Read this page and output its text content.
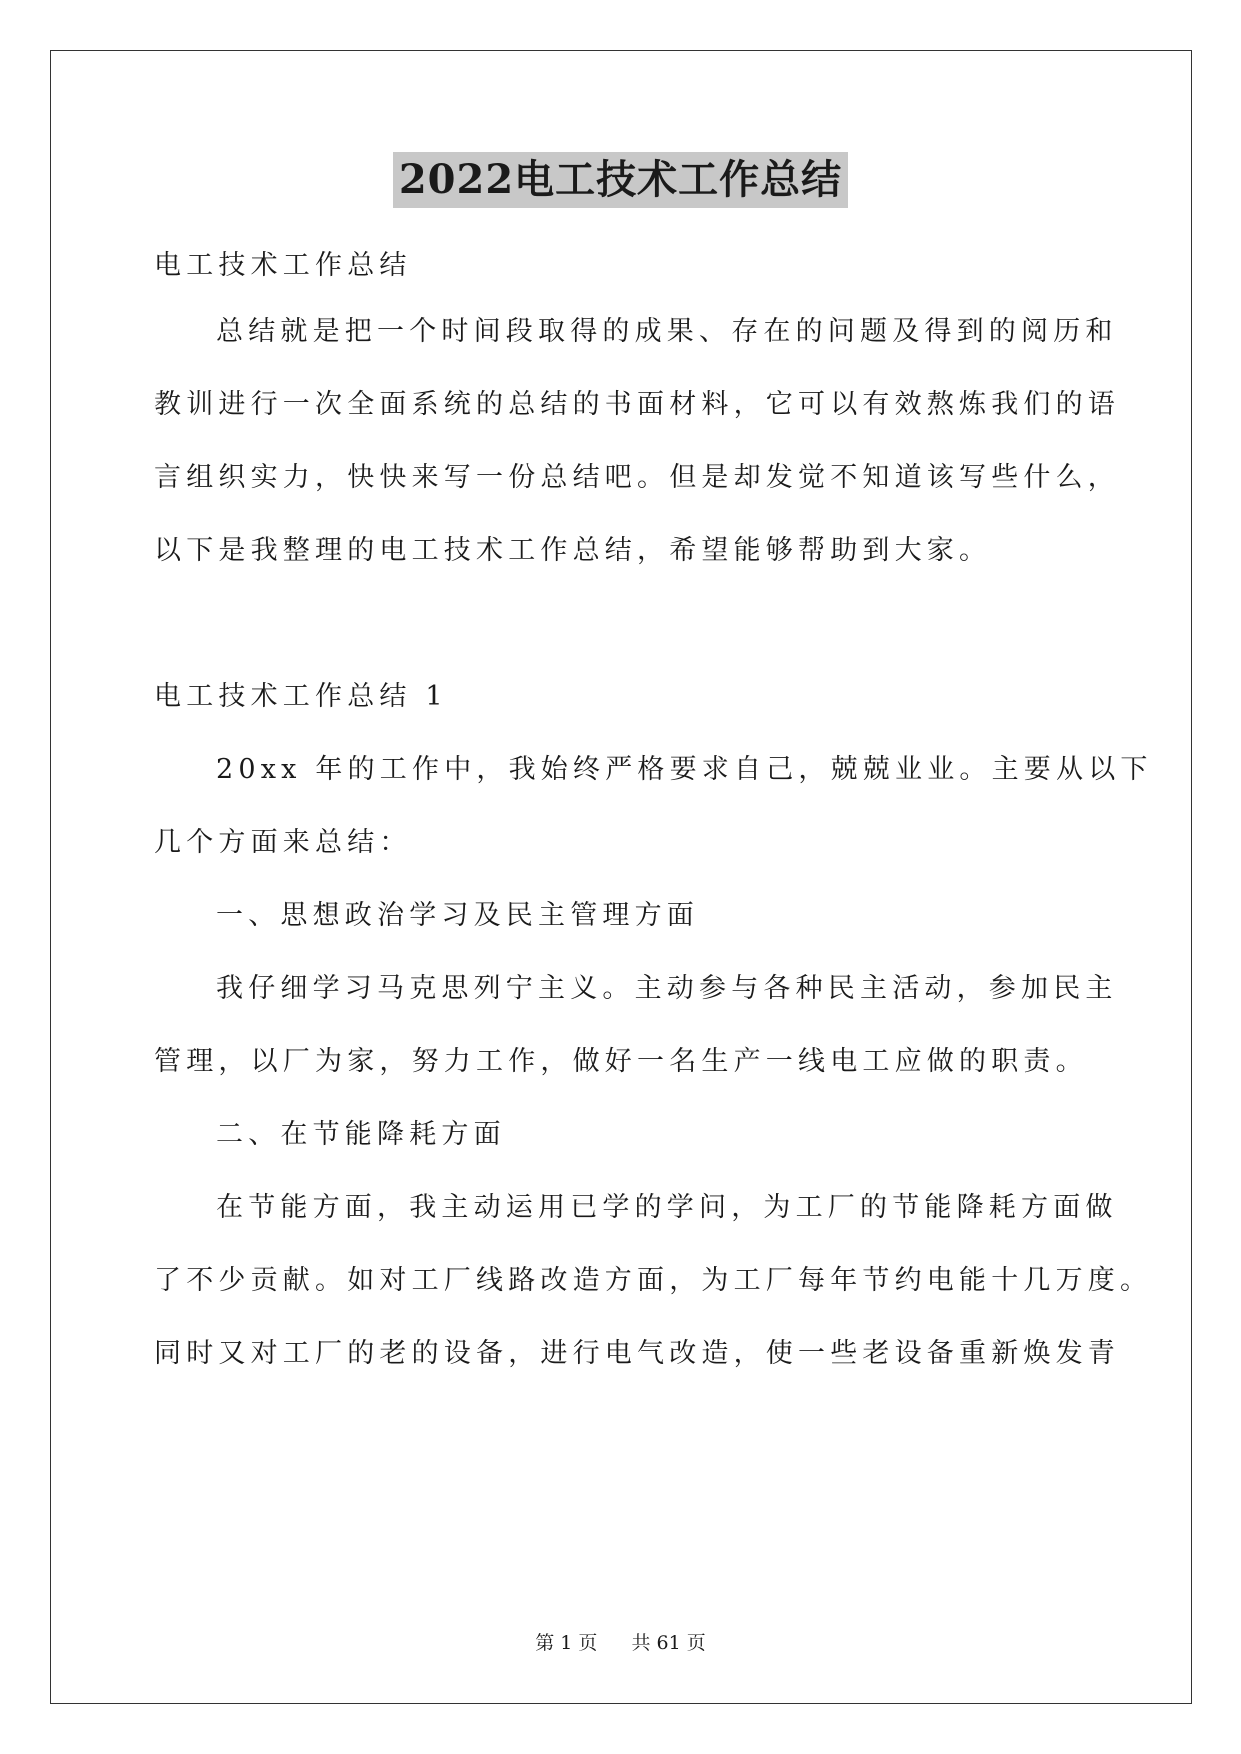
2022电工技术工作总结
电工技术工作总结
总结就是把一个时间段取得的成果、存在的问题及得到的阅历和
教训进行一次全面系统的总结的书面材料，它可以有效熬炼我们的语
言组织实力，快快来写一份总结吧。但是却发觉不知道该写些什么，
以下是我整理的电工技术工作总结，希望能够帮助到大家。
电工技术工作总结 1
20xx 年的工作中，我始终严格要求自己，兢兢业业。主要从以下
几个方面来总结：
一、思想政治学习及民主管理方面
我仔细学习马克思列宁主义。主动参与各种民主活动，参加民主
管理，以厂为家，努力工作，做好一名生产一线电工应做的职责。
二、在节能降耗方面
在节能方面，我主动运用已学的学问，为工厂的节能降耗方面做
了不少贡献。如对工厂线路改造方面，为工厂每年节约电能十几万度。
同时又对工厂的老的设备，进行电气改造，使一些老设备重新焕发青
第 1 页 共 61 页
